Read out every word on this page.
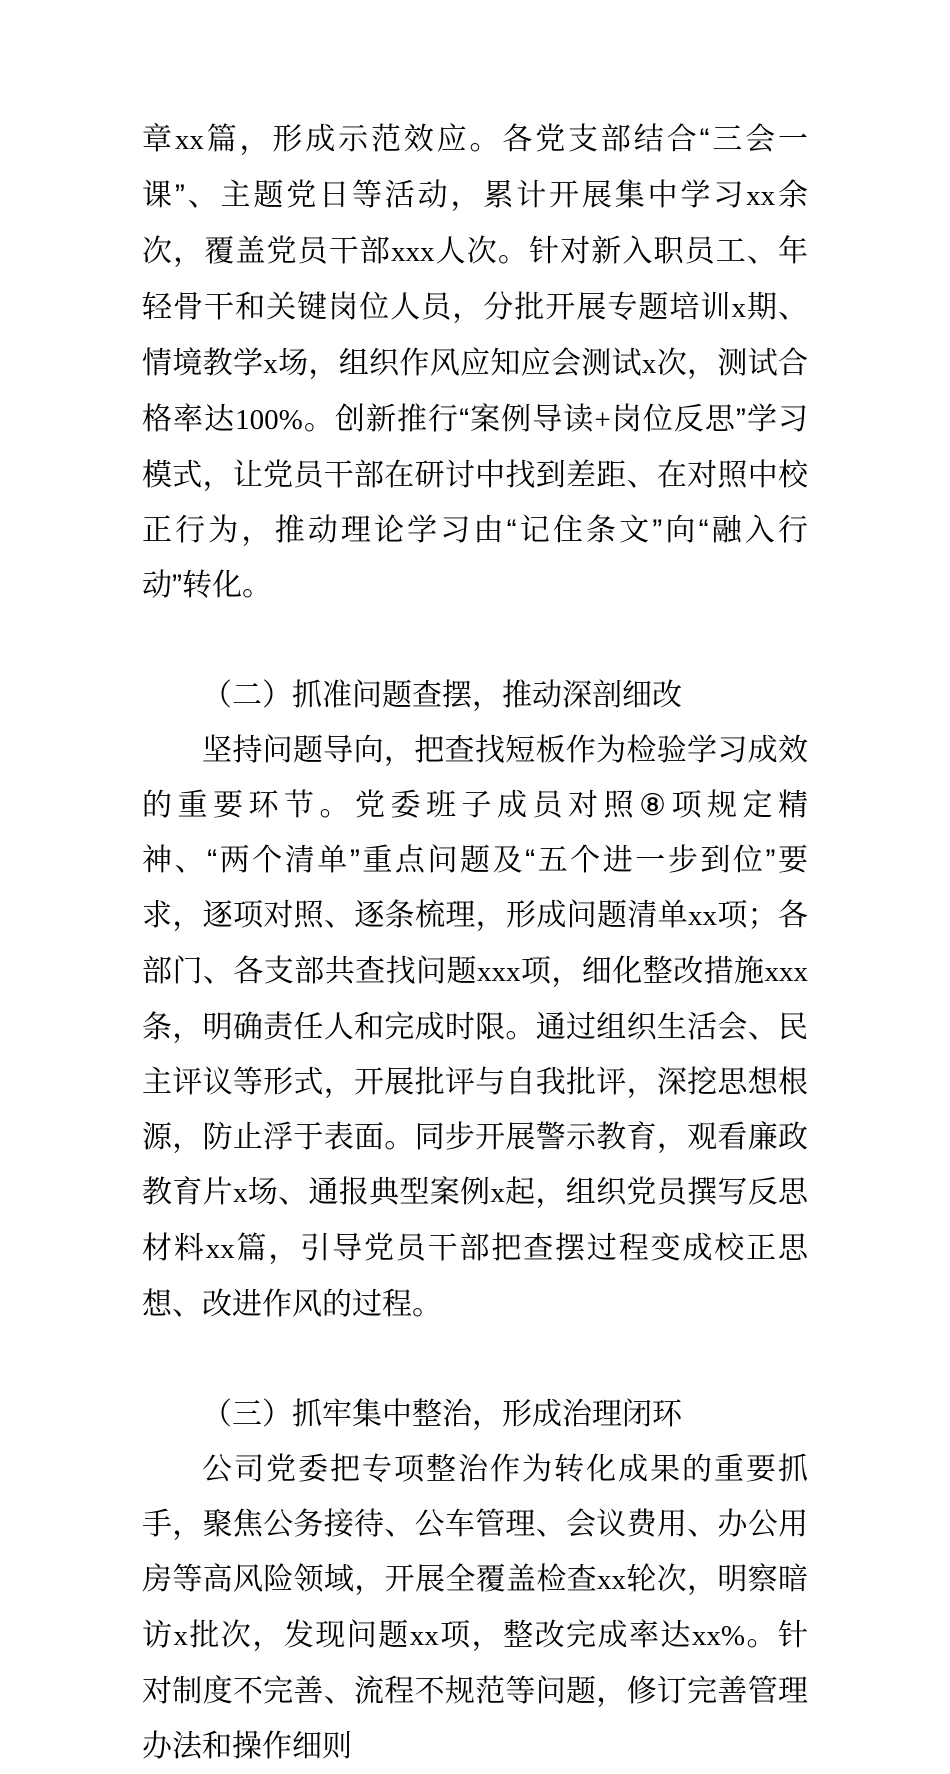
章xx篇，形成示范效应。各党支部结合“三会一课”、主题党日等活动，累计开展集中学习xx余次，覆盖党员干部xxx人次。针对新入职员工、年轻骨干和关键岗位人员，分批开展专题培训x期、情境教学x场，组织作风应知应会测试x次，测试合格率达100%。创新推行“案例导读+岗位反思”学习模式，让党员干部在研讨中找到差距、在对照中校正行为，推动理论学习由“记住条文”向“融入行动”转化。

（二）抓准问题查摆，推动深剖细改

坚持问题导向，把查找短板作为检验学习成效的重要环节。党委班子成员对照⑧项规定精神、“两个清单”重点问题及“五个进一步到位”要求，逐项对照、逐条梳理，形成问题清单xx项；各部门、各支部共查找问题xxx项，细化整改措施xxx条，明确责任人和完成时限。通过组织生活会、民主评议等形式，开展批评与自我批评，深挖思想根源，防止浮于表面。同步开展警示教育，观看廉政教育片x场、通报典型案例x起，组织党员撰写反思材料xx篇，引导党员干部把查摆过程变成校正思想、改进作风的过程。

（三）抓牢集中整治，形成治理闭环

公司党委把专项整治作为转化成果的重要抓手，聚焦公务接待、公车管理、会议费用、办公用房等高风险领域，开展全覆盖检查xx轮次，明察暗访x批次，发现问题xx项，整改完成率达xx%。针对制度不完善、流程不规范等问题，修订完善管理办法和操作细则
